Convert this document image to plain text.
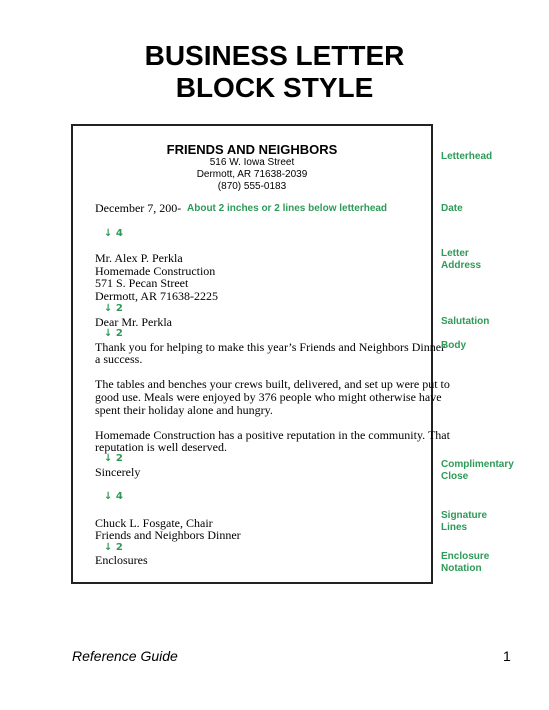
BUSINESS LETTER
BLOCK STYLE
FRIENDS AND NEIGHBORS
516 W. Iowa Street
Dermott, AR 71638-2039
(870) 555-0183
December 7, 200- About 2 inches or 2 lines below letterhead
↓ 4
Mr. Alex P. Perkla
Homemade Construction
571 S. Pecan Street
Dermott, AR 71638-2225
↓ 2
Dear Mr. Perkla
↓ 2
Thank you for helping to make this year’s Friends and Neighbors Dinner
a success.
The tables and benches your crews built, delivered, and set up were put to
good use. Meals were enjoyed by 376 people who might otherwise have
spent their holiday alone and hungry.
Homemade Construction has a positive reputation in the community. That
reputation is well deserved.
↓ 2
Sincerely
↓ 4
Chuck L. Fosgate, Chair
Friends and Neighbors Dinner
↓ 2
Enclosures
Letterhead
Date
Letter
Address
Salutation
Body
Complimentary
Close
Signature
Lines
Enclosure
Notation
Reference Guide	1
